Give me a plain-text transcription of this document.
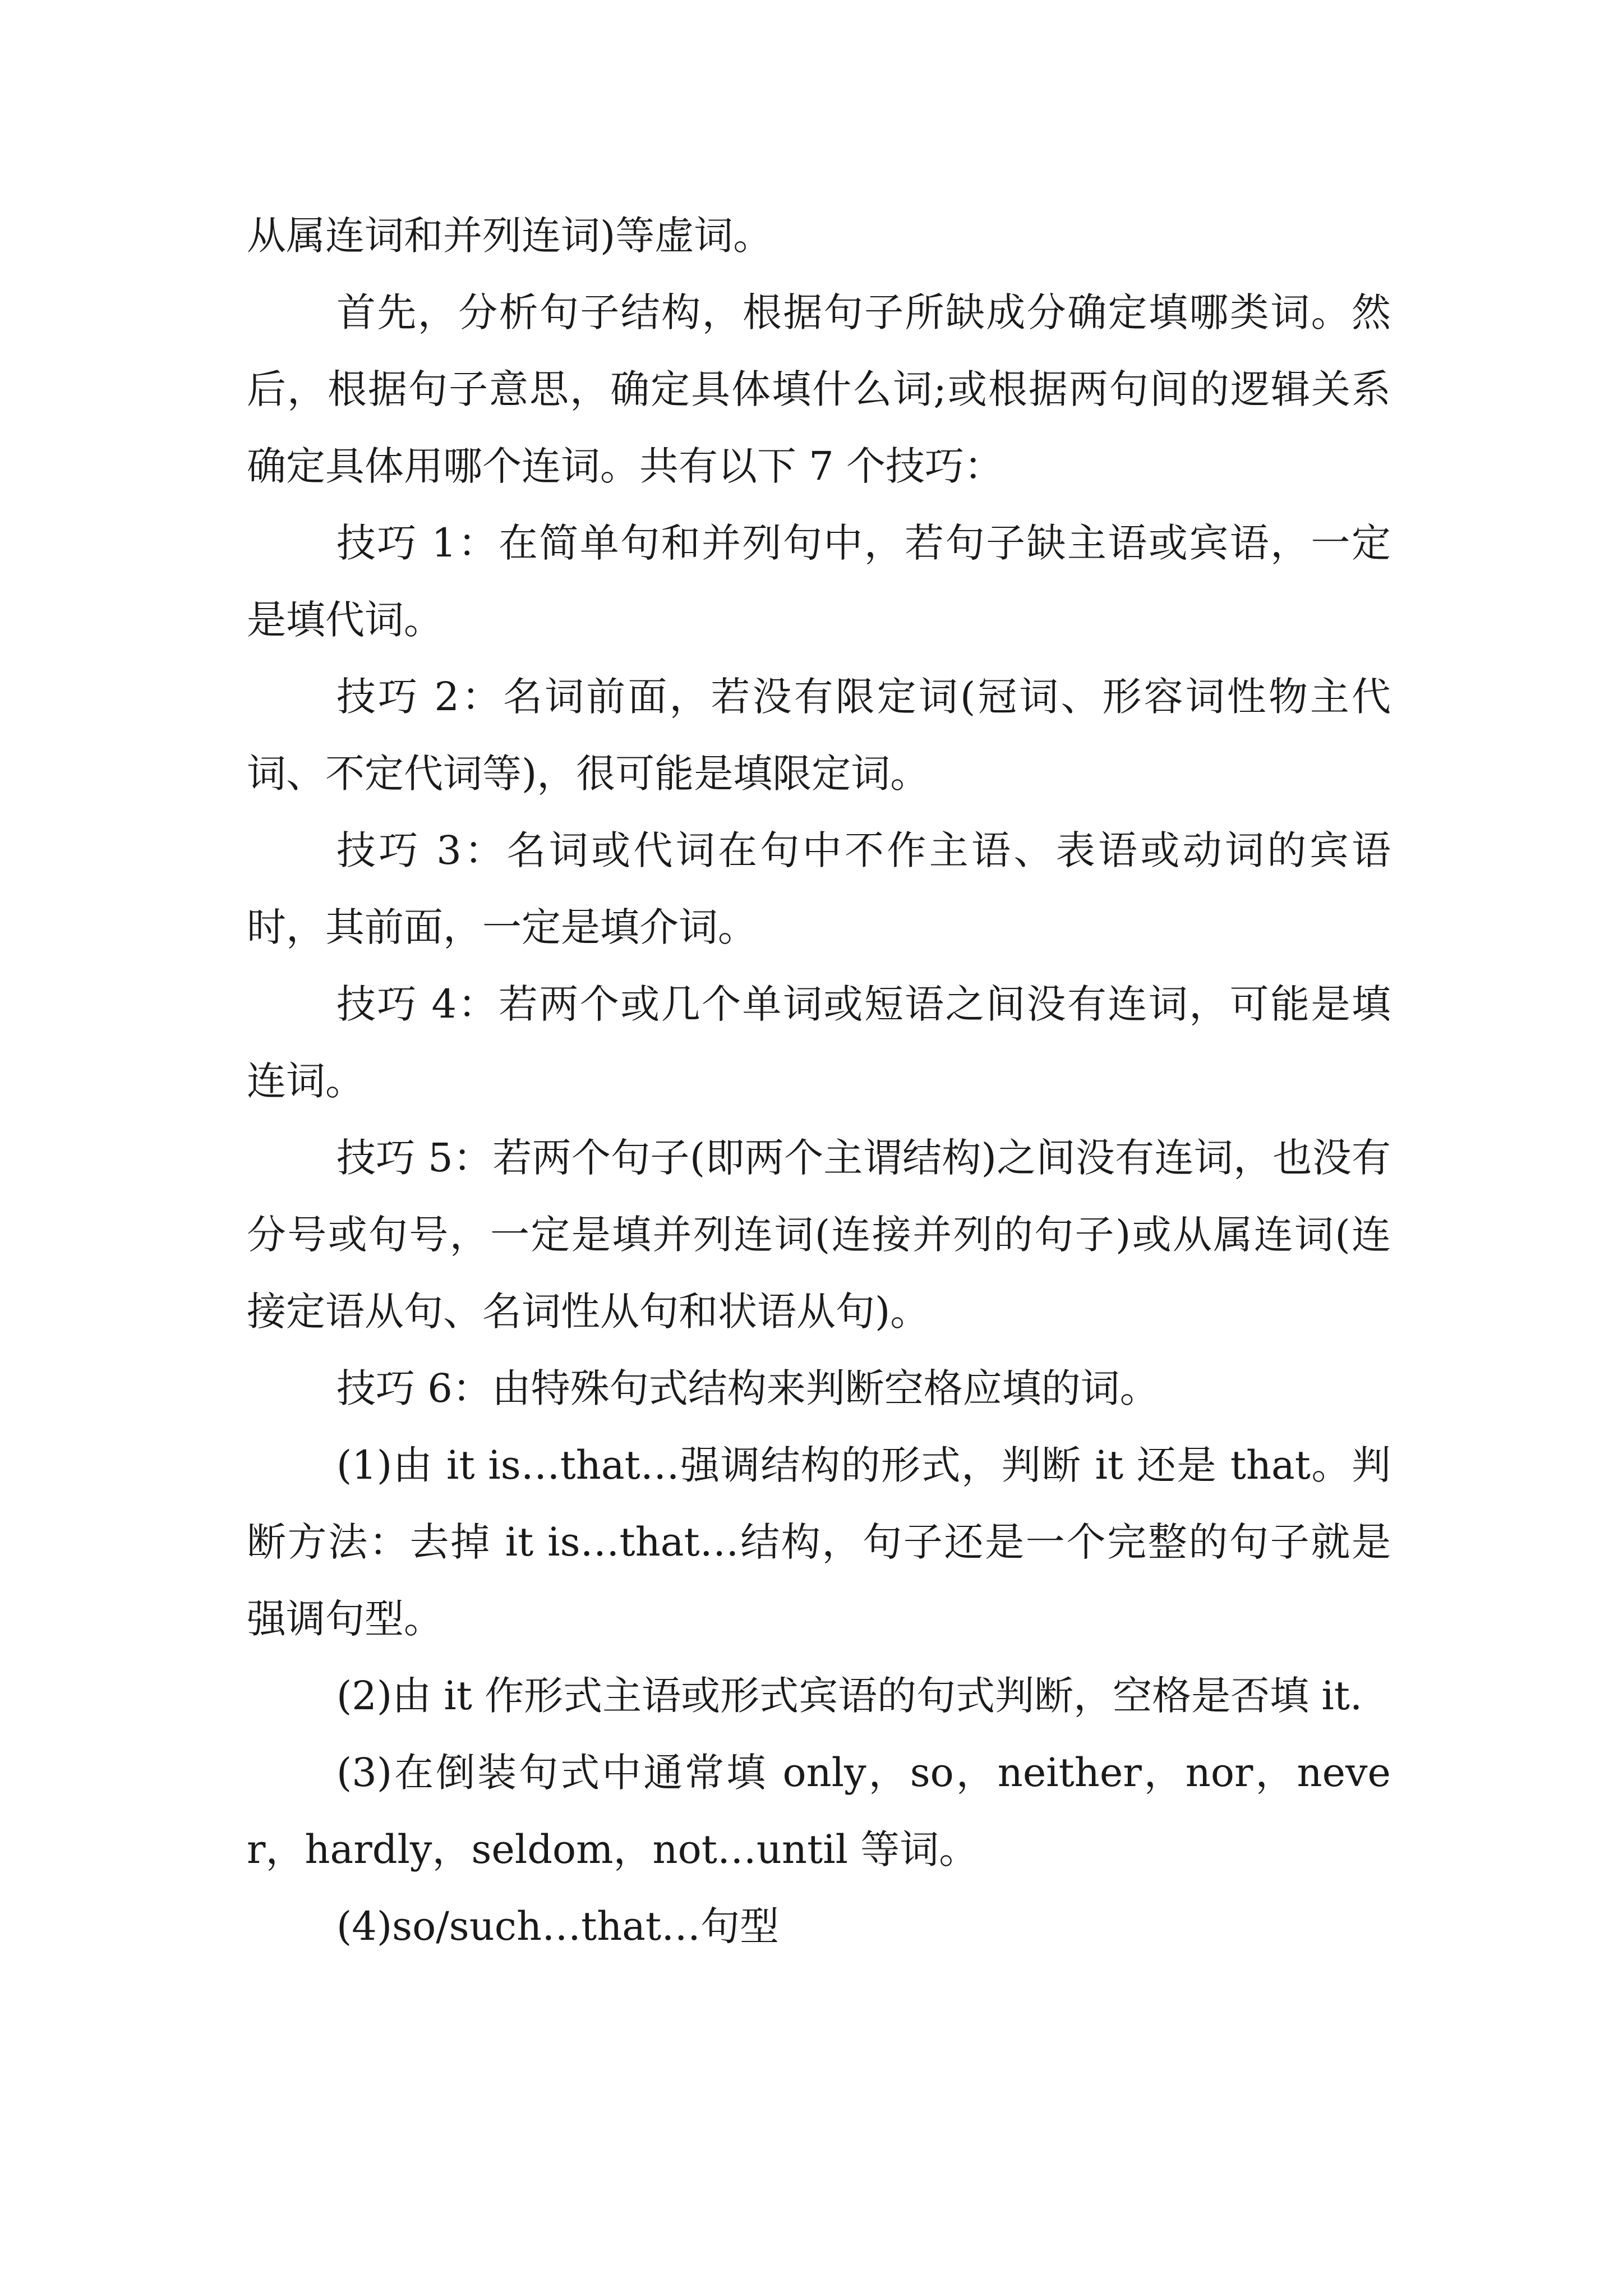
从属连词和并列连词)等虚词。

首先，分析句子结构，根据句子所缺成分确定填哪类词。然后，根据句子意思，确定具体填什么词;或根据两句间的逻辑关系确定具体用哪个连词。共有以下 7 个技巧：

技巧 1：在简单句和并列句中，若句子缺主语或宾语，一定是填代词。

技巧 2：名词前面，若没有限定词(冠词、形容词性物主代词、不定代词等)，很可能是填限定词。

技巧 3：名词或代词在句中不作主语、表语或动词的宾语时，其前面，一定是填介词。

技巧 4：若两个或几个单词或短语之间没有连词，可能是填连词。

技巧 5：若两个句子(即两个主谓结构)之间没有连词，也没有分号或句号，一定是填并列连词(连接并列的句子)或从属连词(连接定语从句、名词性从句和状语从句)。

技巧 6：由特殊句式结构来判断空格应填的词。

(1)由 it is…that…强调结构的形式，判断 it 还是 that。判断方法：去掉 it is…that…结构，句子还是一个完整的句子就是强调句型。

(2)由 it 作形式主语或形式宾语的句式判断，空格是否填 it.

(3)在倒装句式中通常填 only，so，neither，nor，never，hardly，seldom，not…until 等词。

(4)so/such…that…句型
